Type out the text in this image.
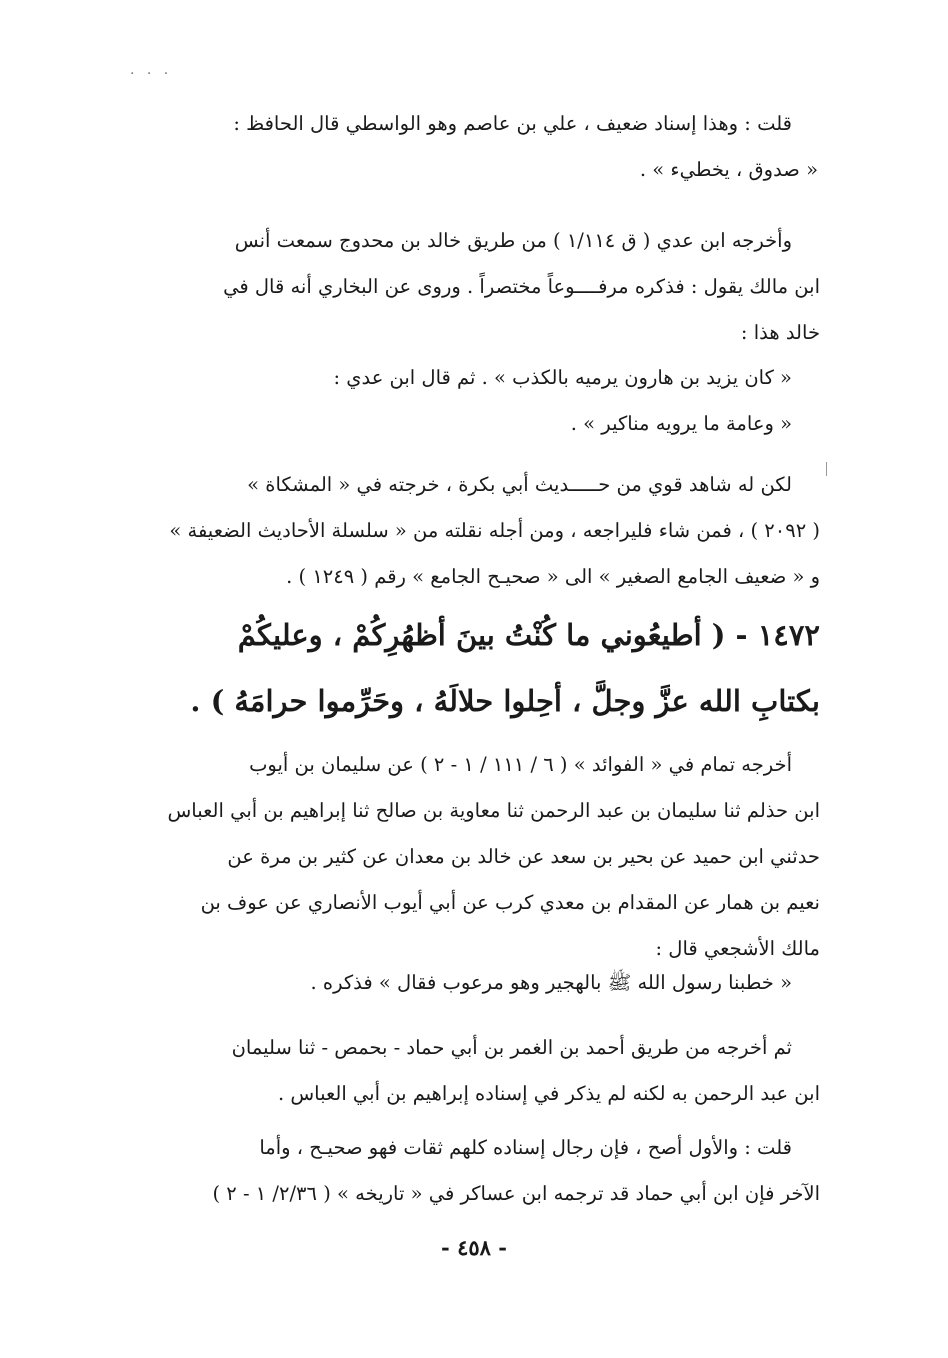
. . .
قلت : وهذا إسناد ضعيف ، علي بن عاصم وهو الواسطي قال الحافظ :
« صدوق ، يخطيء » .
وأخرجه ابن عدي ( ق ١/١١٤ ) من طريق خالد بن محدوج سمعت أنس
ابن مالك يقول : فذكره مرفــــوعاً مختصراً . وروى عن البخاري أنه قال في
خالد هذا :
« كان يزيد بن هارون يرميه بالكذب » . ثم قال ابن عدي :
« وعامة ما يرويه مناكير » .
لكن له شاهد قوي من حـــــديث أبي بكرة ، خرجته في « المشكاة »
( ٢٠٩٢ ) ، فمن شاء فليراجعه ، ومن أجله نقلته من « سلسلة الأحاديث الضعيفة »
و « ضعيف الجامع الصغير » الى « صحيـح الجامع » رقم ( ١٢٤٩ ) .
١٤٧٢ - ( أطيعُوني ما كُنْتُ بينَ أظهُرِكُمْ ، وعليكُمْ
بكتابِ الله عزَّ وجلَّ ، أحِلوا حلالَهُ ، وحَرِّموا حرامَهُ ) .
أخرجه تمام في « الفوائد » ( ٦ / ١١١ / ١ - ٢ ) عن سليمان بن أيوب
ابن حذلم ثنا سليمان بن عبد الرحمن ثنا معاوية بن صالح ثنا إبراهيم بن أبي العباس
حدثني ابن حميد عن بحير بن سعد عن خالد بن معدان عن كثير بن مرة عن
نعيم بن همار عن المقدام بن معدي كرب عن أبي أيوب الأنصاري عن عوف بن
مالك الأشجعي قال :
« خطبنا رسول الله ﷺ بالهجير وهو مرعوب فقال » فذكره .
ثم أخرجه من طريق أحمد بن الغمر بن أبي حماد - بحمص - ثنا سليمان
ابن عبد الرحمن به لكنه لم يذكر في إسناده إبراهيم بن أبي العباس .
قلت : والأول أصح ، فإن رجال إسناده كلهم ثقات فهو صحيـح ، وأما
الآخر فإن ابن أبي حماد قد ترجمه ابن عساكر في « تاريخه » ( ٢/٣٦/ ١ - ٢ )
- ٤٥٨ -
